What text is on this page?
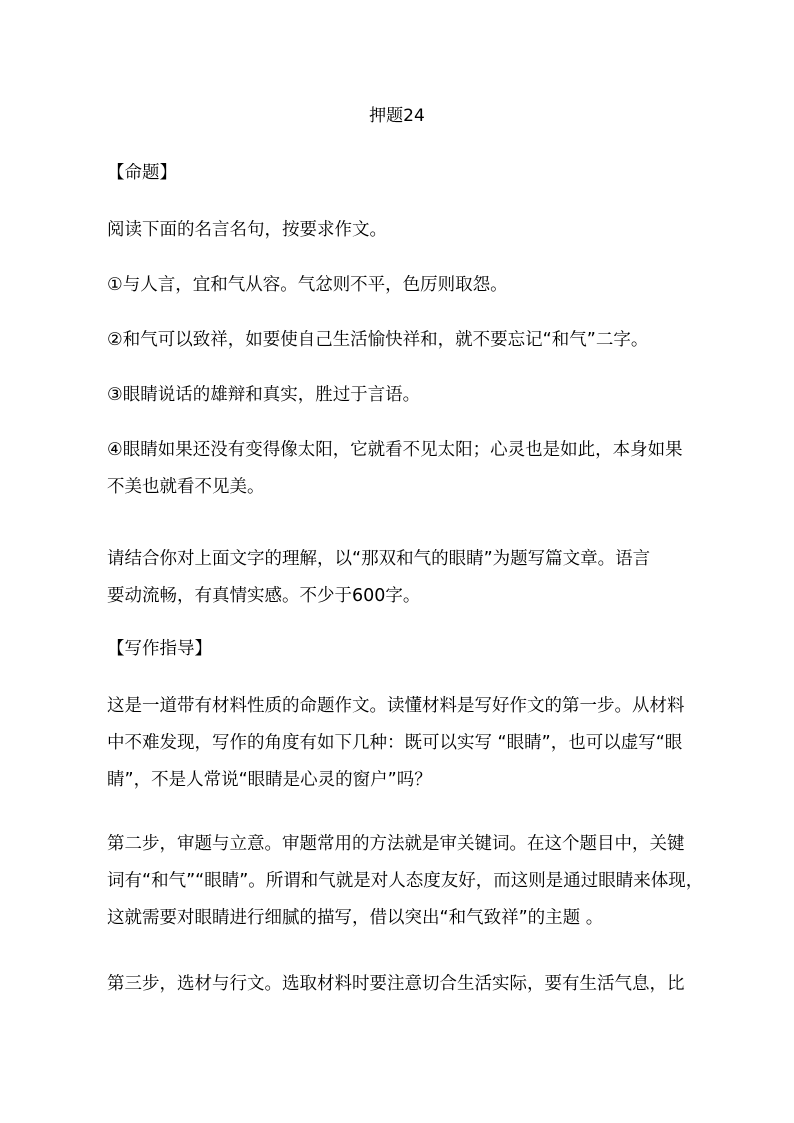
押题24
【命题】
阅读下面的名言名句，按要求作文。
①与人言，宜和气从容。气忿则不平，色厉则取怨。
②和气可以致祥，如要使自己生活愉快祥和，就不要忘记“和气”二字。
③眼睛说话的雄辩和真实，胜过于言语。
④眼睛如果还没有变得像太阳，它就看不见太阳；心灵也是如此，本身如果
不美也就看不见美。
请结合你对上面文字的理解，以“那双和气的眼睛”为题写篇文章。语言
要动流畅，有真情实感。不少于600字。
【写作指导】
这是一道带有材料性质的命题作文。读懂材料是写好作文的第一步。从材料
中不难发现，写作的角度有如下几种：既可以实写 “眼睛”，也可以虚写“眼
睛”，不是人常说“眼睛是心灵的窗户”吗？
第二步，审题与立意。审题常用的方法就是审关键词。在这个题目中，关键
词有“和气”“眼睛”。所谓和气就是对人态度友好，而这则是通过眼睛来体现，
这就需要对眼睛进行细腻的描写，借以突出“和气致祥”的主题 。
第三步，选材与行文。选取材料时要注意切合生活实际，要有生活气息，比
